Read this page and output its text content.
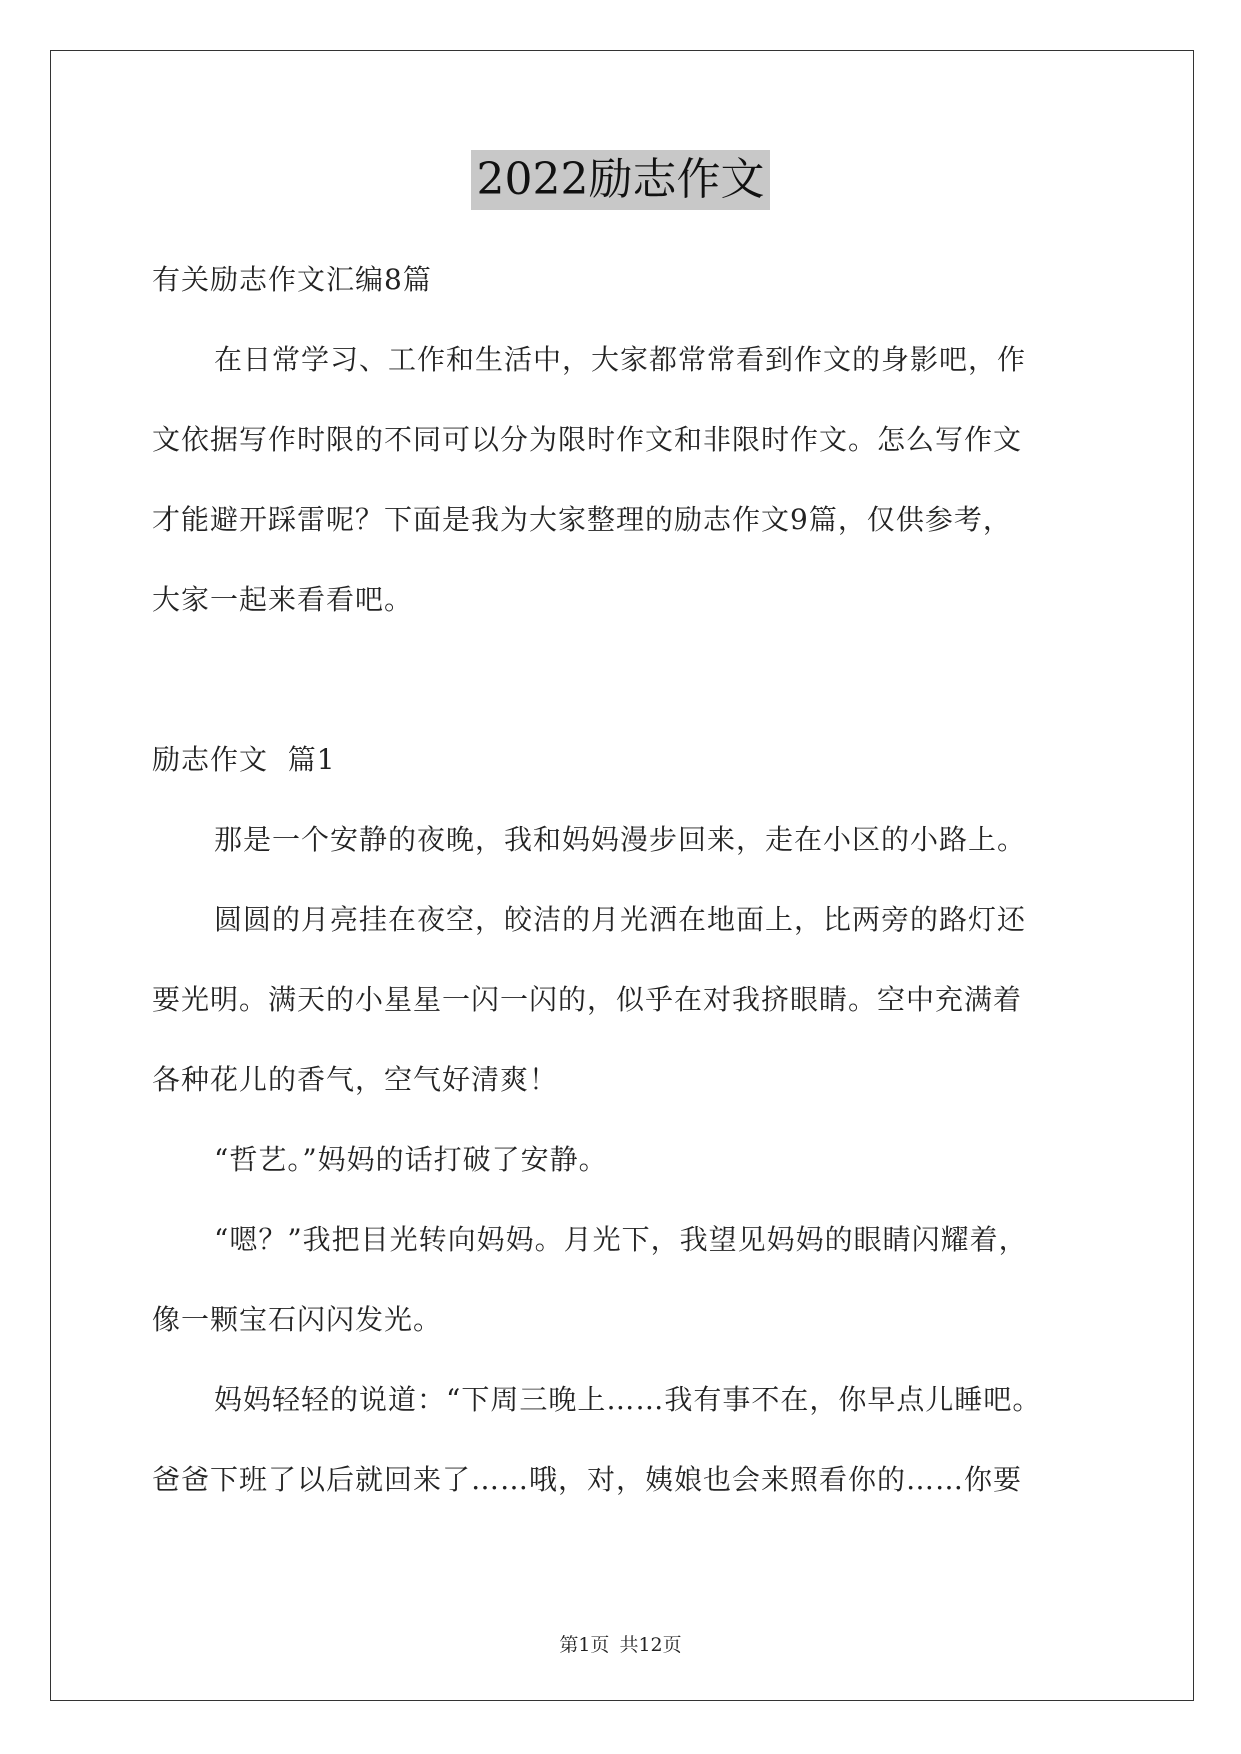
2022励志作文

有关励志作文汇编8篇

在日常学习、工作和生活中，大家都常常看到作文的身影吧，作

文依据写作时限的不同可以分为限时作文和非限时作文。怎么写作文

才能避开踩雷呢？下面是我为大家整理的励志作文9篇，仅供参考，

大家一起来看看吧。

励志作文  篇1

那是一个安静的夜晚，我和妈妈漫步回来，走在小区的小路上。

圆圆的月亮挂在夜空，皎洁的月光洒在地面上，比两旁的路灯还

要光明。满天的小星星一闪一闪的，似乎在对我挤眼睛。空中充满着

各种花儿的香气，空气好清爽！

“哲艺。”妈妈的话打破了安静。

“嗯？”我把目光转向妈妈。月光下，我望见妈妈的眼睛闪耀着，

像一颗宝石闪闪发光。

妈妈轻轻的说道：“下周三晚上……我有事不在，你早点儿睡吧。

爸爸下班了以后就回来了……哦，对，姨娘也会来照看你的……你要

第1页 共12页
